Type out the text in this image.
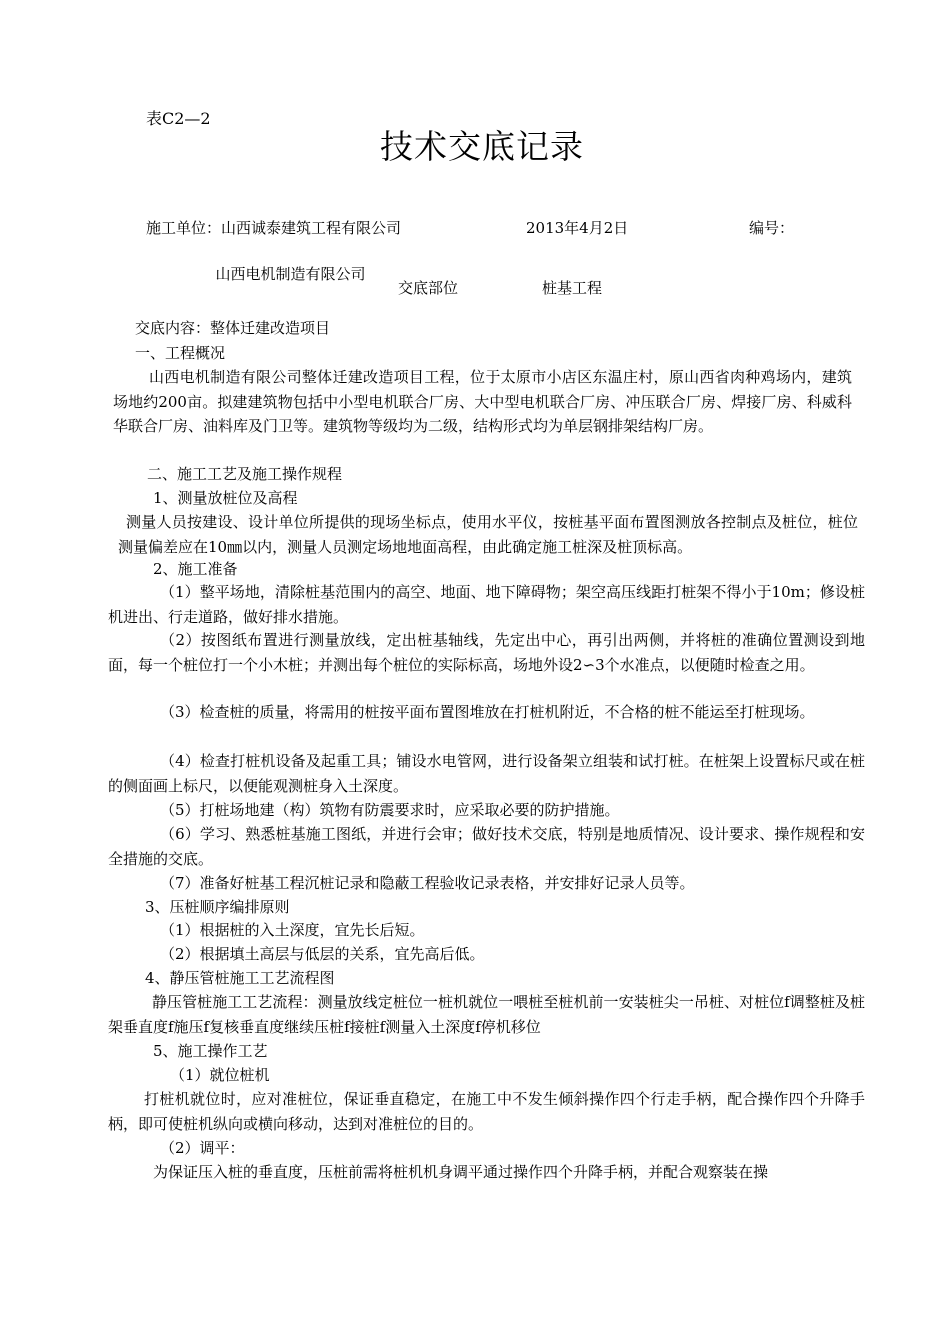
表C2—2
技术交底记录
施工单位：山西诚泰建筑工程有限公司	2013年4月2日	编号：
山西电机制造有限公司
交底部位	桩基工程
交底内容：整体迁建改造项目
一、工程概况
山西电机制造有限公司整体迁建改造项目工程，位于太原市小店区东温庄村，原山西省肉种鸡场内，建筑场地约200亩。拟建建筑物包括中小型电机联合厂房、大中型电机联合厂房、冲压联合厂房、焊接厂房、科威科华联合厂房、油料库及门卫等。建筑物等级均为二级，结构形式均为单层钢排架结构厂房。
二、施工工艺及施工操作规程
1、测量放桩位及高程
测量人员按建设、设计单位所提供的现场坐标点，使用水平仪，按桩基平面布置图测放各控制点及桩位，桩位测量偏差应在10㎜以内，测量人员测定场地地面高程，由此确定施工桩深及桩顶标高。
2、施工准备
（1）整平场地，清除桩基范围内的高空、地面、地下障碍物；架空高压线距打桩架不得小于10m；修设桩机进出、行走道路，做好排水措施。
（2）按图纸布置进行测量放线，定出桩基轴线，先定出中心，再引出两侧，并将桩的准确位置测设到地面，每一个桩位打一个小木桩；并测出每个桩位的实际标高，场地外设2∽3个水准点，以便随时检查之用。
（3）检查桩的质量，将需用的桩按平面布置图堆放在打桩机附近，不合格的桩不能运至打桩现场。
（4）检查打桩机设备及起重工具；铺设水电管网，进行设备架立组装和试打桩。在桩架上设置标尺或在桩的侧面画上标尺，以便能观测桩身入土深度。
（5）打桩场地建（构）筑物有防震要求时，应采取必要的防护措施。
（6）学习、熟悉桩基施工图纸，并进行会审；做好技术交底，特别是地质情况、设计要求、操作规程和安全措施的交底。
（7）准备好桩基工程沉桩记录和隐蔽工程验收记录表格，并安排好记录人员等。
3、压桩顺序编排原则
（1）根据桩的入土深度，宜先长后短。
（2）根据填土高层与低层的关系，宜先高后低。
4、静压管桩施工工艺流程图
静压管桩施工工艺流程：测量放线定桩位一桩机就位一喂桩至桩机前一安装桩尖一吊桩、对桩位f调整桩及桩架垂直度f施压f复核垂直度继续压桩f接桩f测量入土深度f停机移位
5、施工操作工艺
（1）就位桩机
打桩机就位时，应对准桩位，保证垂直稳定，在施工中不发生倾斜操作四个行走手柄，配合操作四个升降手柄，即可使桩机纵向或横向移动，达到对准桩位的目的。
（2）调平：
为保证压入桩的垂直度，压桩前需将桩机机身调平通过操作四个升降手柄，并配合观察装在操
